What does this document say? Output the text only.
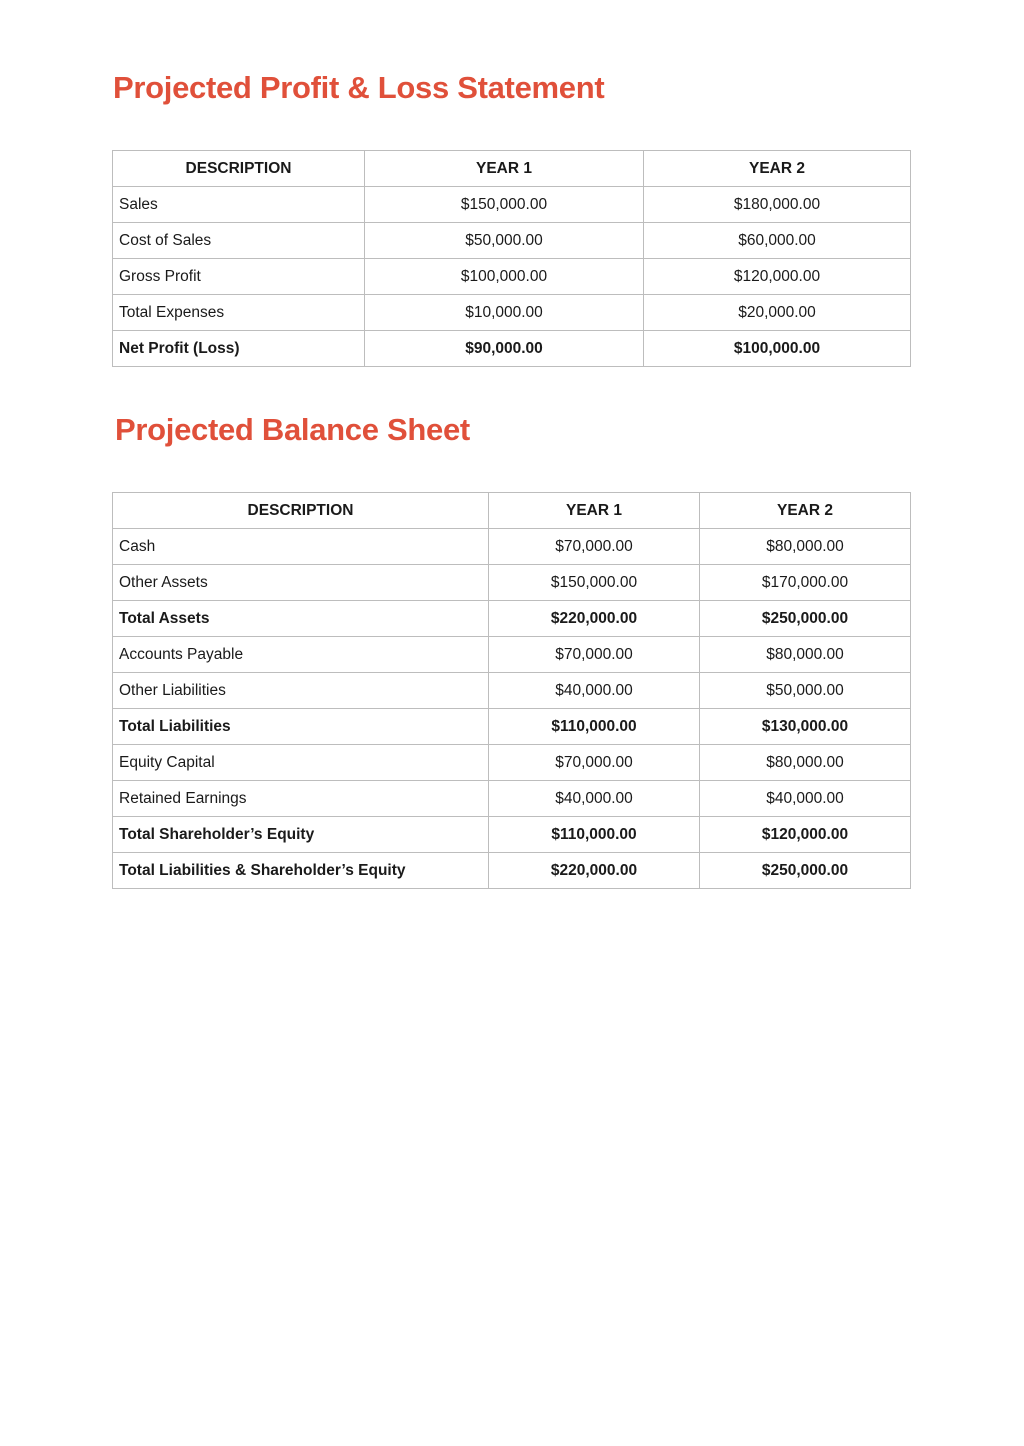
Projected Profit & Loss Statement
DESCRIPTION	YEAR 1	YEAR 2
Sales	$150,000.00	$180,000.00
Cost of Sales	$50,000.00	$60,000.00
Gross Profit	$100,000.00	$120,000.00
Total Expenses	$10,000.00	$20,000.00
Net Profit (Loss)	$90,000.00	$100,000.00
Projected Balance Sheet
DESCRIPTION	YEAR 1	YEAR 2
Cash	$70,000.00	$80,000.00
Other Assets	$150,000.00	$170,000.00
Total Assets	$220,000.00	$250,000.00
Accounts Payable	$70,000.00	$80,000.00
Other Liabilities	$40,000.00	$50,000.00
Total Liabilities	$110,000.00	$130,000.00
Equity Capital	$70,000.00	$80,000.00
Retained Earnings	$40,000.00	$40,000.00
Total Shareholder’s Equity	$110,000.00	$120,000.00
Total Liabilities & Shareholder’s Equity	$220,000.00	$250,000.00
